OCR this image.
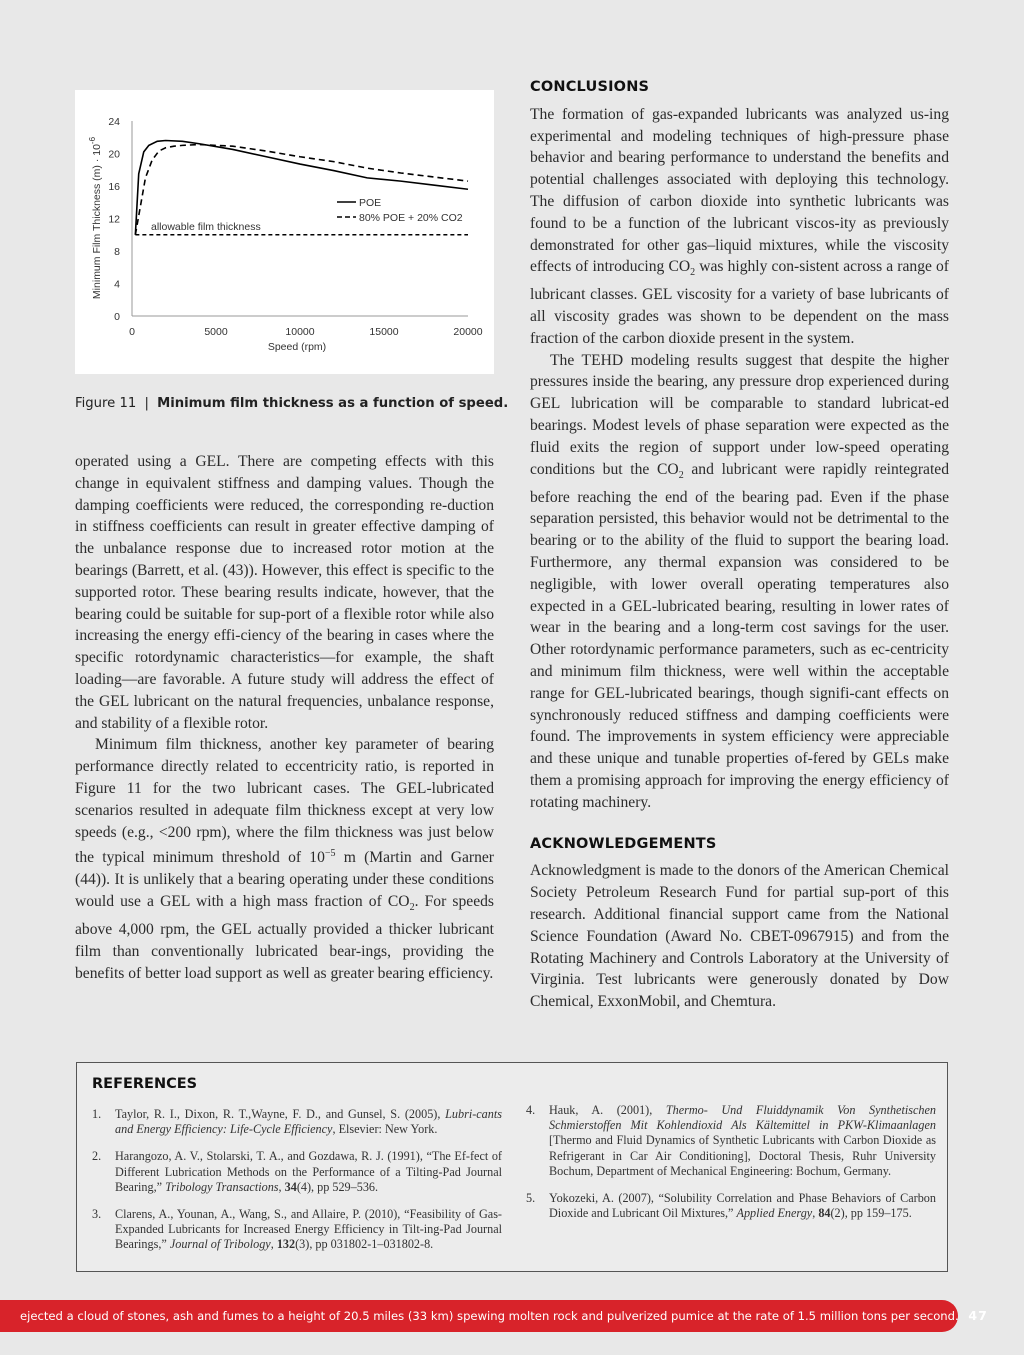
0
4
8
12
16
20
24
0	5000	10000	15000	20000
allowable film thickness
POE
80% POE + 20% CO2
Speed (rpm)
Minimum Film Thickness $(m) \cdot 10^{-6}$
Figure 11 | Minimum film thickness as a function of speed.

operated using a GEL. There are competing effects with this change in equivalent stiffness and damping values. Though the damping coefficients were reduced, the corresponding re-duction in stiffness coefficients can result in greater effective damping of the unbalance response due to increased rotor motion at the bearings (Barrett, et al. (43)). However, this effect is specific to the supported rotor. These bearing results indicate, however, that the bearing could be suitable for sup-port of a flexible rotor while also increasing the energy effi-ciency of the bearing in cases where the specific rotordynamic characteristics—for example, the shaft loading—are favorable. A future study will address the effect of the GEL lubricant on the natural frequencies, unbalance response, and stability of a flexible rotor.

Minimum film thickness, another key parameter of bearing performance directly related to eccentricity ratio, is reported in Figure 11 for the two lubricant cases. The GEL-lubricated scenarios resulted in adequate film thickness except at very low speeds (e.g., <200 rpm), where the film thickness was just below the typical minimum threshold of $10^{-5}$ m (Martin and Garner (44)). It is unlikely that a bearing operating under these conditions would use a GEL with a high mass fraction of $CO_2$. For speeds above 4,000 rpm, the GEL actually provided a thicker lubricant film than conventionally lubricated bear-ings, providing the benefits of better load support as well as greater bearing efficiency.

CONCLUSIONS

The formation of gas-expanded lubricants was analyzed us-ing experimental and modeling techniques of high-pressure phase behavior and bearing performance to understand the benefits and potential challenges associated with deploying this technology. The diffusion of carbon dioxide into synthetic lubricants was found to be a function of the lubricant viscos-ity as previously demonstrated for other gas–liquid mixtures, while the viscosity effects of introducing $CO_2$ was highly con-sistent across a range of lubricant classes. GEL viscosity for a variety of base lubricants of all viscosity grades was shown to be dependent on the mass fraction of the carbon dioxide present in the system.

The TEHD modeling results suggest that despite the higher pressures inside the bearing, any pressure drop experienced during GEL lubrication will be comparable to standard lubricat-ed bearings. Modest levels of phase separation were expected as the fluid exits the region of support under low-speed operating conditions but the $CO_2$ and lubricant were rapidly reintegrated before reaching the end of the bearing pad. Even if the phase separation persisted, this behavior would not be detrimental to the bearing or to the ability of the fluid to support the bearing load. Furthermore, any thermal expansion was considered to be negligible, with lower overall operating temperatures also expected in a GEL-lubricated bearing, resulting in lower rates of wear in the bearing and a long-term cost savings for the user. Other rotordynamic performance parameters, such as ec-centricity and minimum film thickness, were well within the acceptable range for GEL-lubricated bearings, though signifi-cant effects on synchronously reduced stiffness and damping coefficients were found. The improvements in system efficiency were appreciable and these unique and tunable properties of-fered by GELs make them a promising approach for improving the energy efficiency of rotating machinery.

ACKNOWLEDGEMENTS

Acknowledgment is made to the donors of the American Chemical Society Petroleum Research Fund for partial sup-port of this research. Additional financial support came from the National Science Foundation (Award No. CBET-0967915) and from the Rotating Machinery and Controls Laboratory at the University of Virginia. Test lubricants were generously donated by Dow Chemical, ExxonMobil, and Chemtura.

REFERENCES
1. Taylor, R. I., Dixon, R. T.,Wayne, F. D., and Gunsel, S. (2005), Lubri-cants and Energy Efficiency: Life-Cycle Efficiency, Elsevier: New York.
2. Harangozo, A. V., Stolarski, T. A., and Gozdawa, R. J. (1991), “The Ef-fect of Different Lubrication Methods on the Performance of a Tilting-Pad Journal Bearing,” Tribology Transactions, 34(4), pp 529–536.
3. Clarens, A., Younan, A., Wang, S., and Allaire, P. (2010), “Feasibility of Gas-Expanded Lubricants for Increased Energy Efficiency in Tilt-ing-Pad Journal Bearings,” Journal of Tribology, 132(3), pp 031802-1–031802-8.
4. Hauk, A. (2001), Thermo- Und Fluiddynamik Von Synthetischen Schmierstoffen Mit Kohlendioxid Als Kältemittel in PKW-Klimaanlagen [Thermo and Fluid Dynamics of Synthetic Lubricants with Carbon Dioxide as Refrigerant in Car Air Conditioning], Doctoral Thesis, Ruhr University Bochum, Department of Mechanical Engineering: Bochum, Germany.
5. Yokozeki, A. (2007), “Solubility Correlation and Phase Behaviors of Carbon Dioxide and Lubricant Oil Mixtures,” Applied Energy, 84(2), pp 159–175.
ejected a cloud of stones, ash and fumes to a height of 20.5 miles (33 km) spewing molten rock and pulverized pumice at the rate of 1.5 million tons per second. 47
